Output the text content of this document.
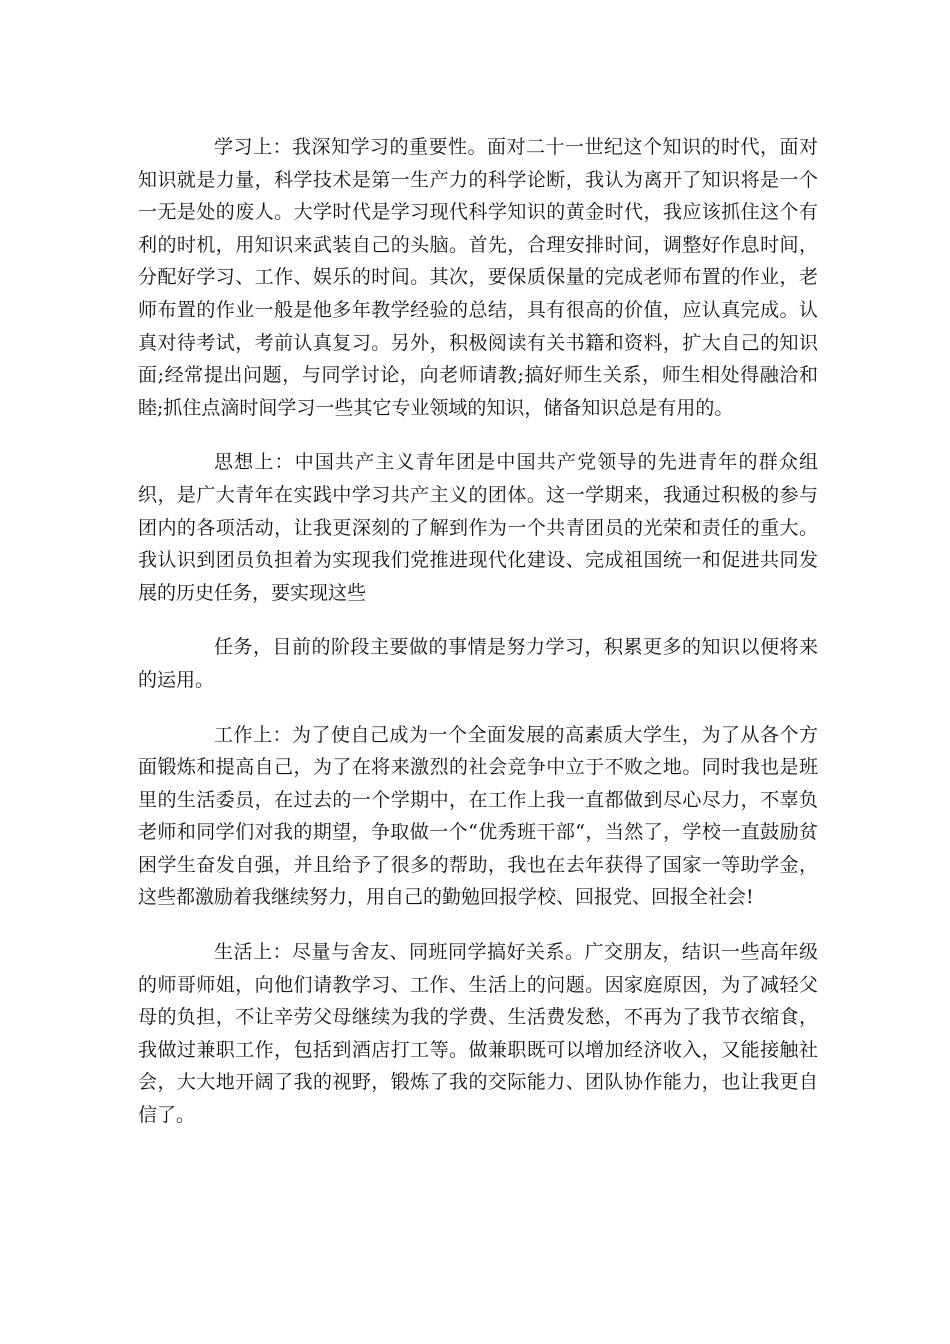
学习上：我深知学习的重要性。面对二十一世纪这个知识的时代，面对知识就是力量，科学技术是第一生产力的科学论断，我认为离开了知识将是一个一无是处的废人。大学时代是学习现代科学知识的黄金时代，我应该抓住这个有利的时机，用知识来武装自己的头脑。首先，合理安排时间，调整好作息时间，分配好学习、工作、娱乐的时间。其次，要保质保量的完成老师布置的作业，老师布置的作业一般是他多年教学经验的总结，具有很高的价值，应认真完成。认真对待考试，考前认真复习。另外，积极阅读有关书籍和资料，扩大自己的知识面;经常提出问题，与同学讨论，向老师请教;搞好师生关系，师生相处得融洽和睦;抓住点滴时间学习一些其它专业领域的知识，储备知识总是有用的。

思想上：中国共产主义青年团是中国共产党领导的先进青年的群众组织，是广大青年在实践中学习共产主义的团体。这一学期来，我通过积极的参与团内的各项活动，让我更深刻的了解到作为一个共青团员的光荣和责任的重大。我认识到团员负担着为实现我们党推进现代化建设、完成祖国统一和促进共同发展的历史任务，要实现这些

任务，目前的阶段主要做的事情是努力学习，积累更多的知识以便将来的运用。

工作上：为了使自己成为一个全面发展的高素质大学生，为了从各个方面锻炼和提高自己，为了在将来激烈的社会竞争中立于不败之地。同时我也是班里的生活委员，在过去的一个学期中，在工作上我一直都做到尽心尽力，不辜负老师和同学们对我的期望，争取做一个“优秀班干部“，当然了，学校一直鼓励贫困学生奋发自强，并且给予了很多的帮助，我也在去年获得了国家一等助学金，这些都激励着我继续努力，用自己的勤勉回报学校、回报党、回报全社会!

生活上：尽量与舍友、同班同学搞好关系。广交朋友，结识一些高年级的师哥师姐，向他们请教学习、工作、生活上的问题。因家庭原因，为了减轻父母的负担，不让辛劳父母继续为我的学费、生活费发愁，不再为了我节衣缩食，我做过兼职工作，包括到酒店打工等。做兼职既可以增加经济收入，又能接触社会，大大地开阔了我的视野，锻炼了我的交际能力、团队协作能力，也让我更自信了。
